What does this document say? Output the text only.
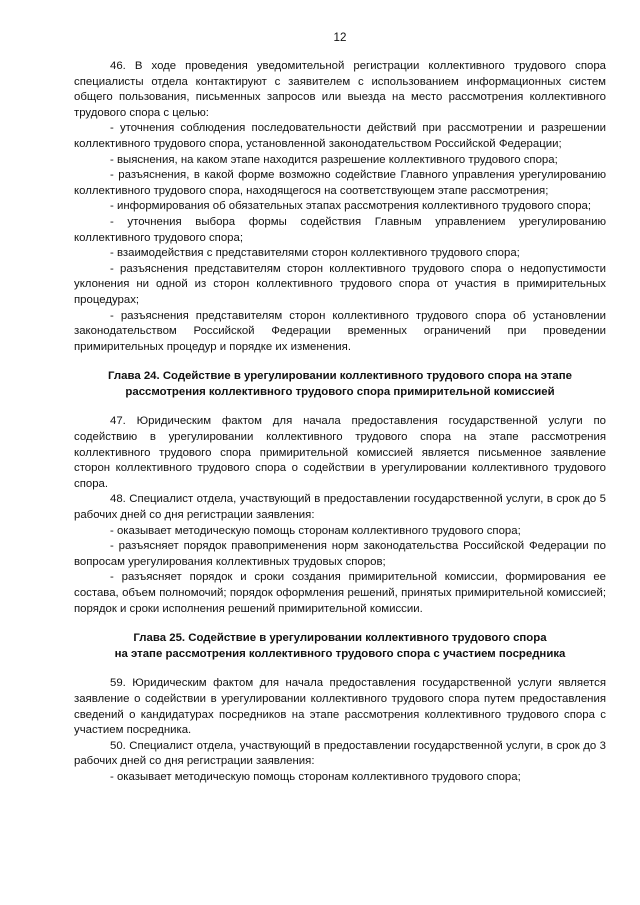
12

46. В ходе проведения уведомительной регистрации коллективного трудового спора специалисты отдела контактируют с заявителем с использованием информационных систем общего пользования, письменных запросов или выезда на место рассмотрения коллективного трудового спора с целью:

- уточнения соблюдения последовательности действий при рассмотрении и разрешении коллективного трудового спора, установленной законодательством Российской Федерации;

- выяснения, на каком этапе находится разрешение коллективного трудового спора;

- разъяснения, в какой форме возможно содействие Главного управления урегулированию коллективного трудового спора, находящегося на соответствующем этапе рассмотрения;

- информирования об обязательных этапах рассмотрения коллективного трудового спора;

- уточнения выбора формы содействия Главным управлением урегулированию коллективного трудового спора;

- взаимодействия с представителями сторон коллективного трудового спора;

- разъяснения представителям сторон коллективного трудового спора о недопустимости уклонения ни одной из сторон коллективного трудового спора от участия в примирительных процедурах;

- разъяснения представителям сторон коллективного трудового спора об установлении законодательством Российской Федерации временных ограничений при проведении примирительных процедур и порядке их изменения.

Глава 24. Содействие в урегулировании коллективного трудового спора на этапе
рассмотрения коллективного трудового спора примирительной комиссией

47. Юридическим фактом для начала предоставления государственной услуги по содействию в урегулировании коллективного трудового спора на этапе рассмотрения коллективного трудового спора примирительной комиссией является письменное заявление сторон коллективного трудового спора о содействии в урегулировании коллективного трудового спора.

48. Специалист отдела, участвующий в предоставлении государственной услуги, в срок до 5 рабочих дней со дня регистрации заявления:

- оказывает методическую помощь сторонам коллективного трудового спора;

- разъясняет порядок правоприменения норм законодательства Российской Федерации по вопросам урегулирования коллективных трудовых споров;

- разъясняет порядок и сроки создания примирительной комиссии, формирования ее состава, объем полномочий; порядок оформления решений, принятых примирительной комиссией; порядок и сроки исполнения решений примирительной комиссии.

Глава 25. Содействие в урегулировании коллективного трудового спора
на этапе рассмотрения коллективного трудового спора с участием посредника

59. Юридическим фактом для начала предоставления государственной услуги является заявление о содействии в урегулировании коллективного трудового спора путем предоставления сведений о кандидатурах посредников на этапе рассмотрения коллективного трудового спора с участием посредника.

50. Специалист отдела, участвующий в предоставлении государственной услуги, в срок до 3 рабочих дней со дня регистрации заявления:

- оказывает методическую помощь сторонам коллективного трудового спора;
